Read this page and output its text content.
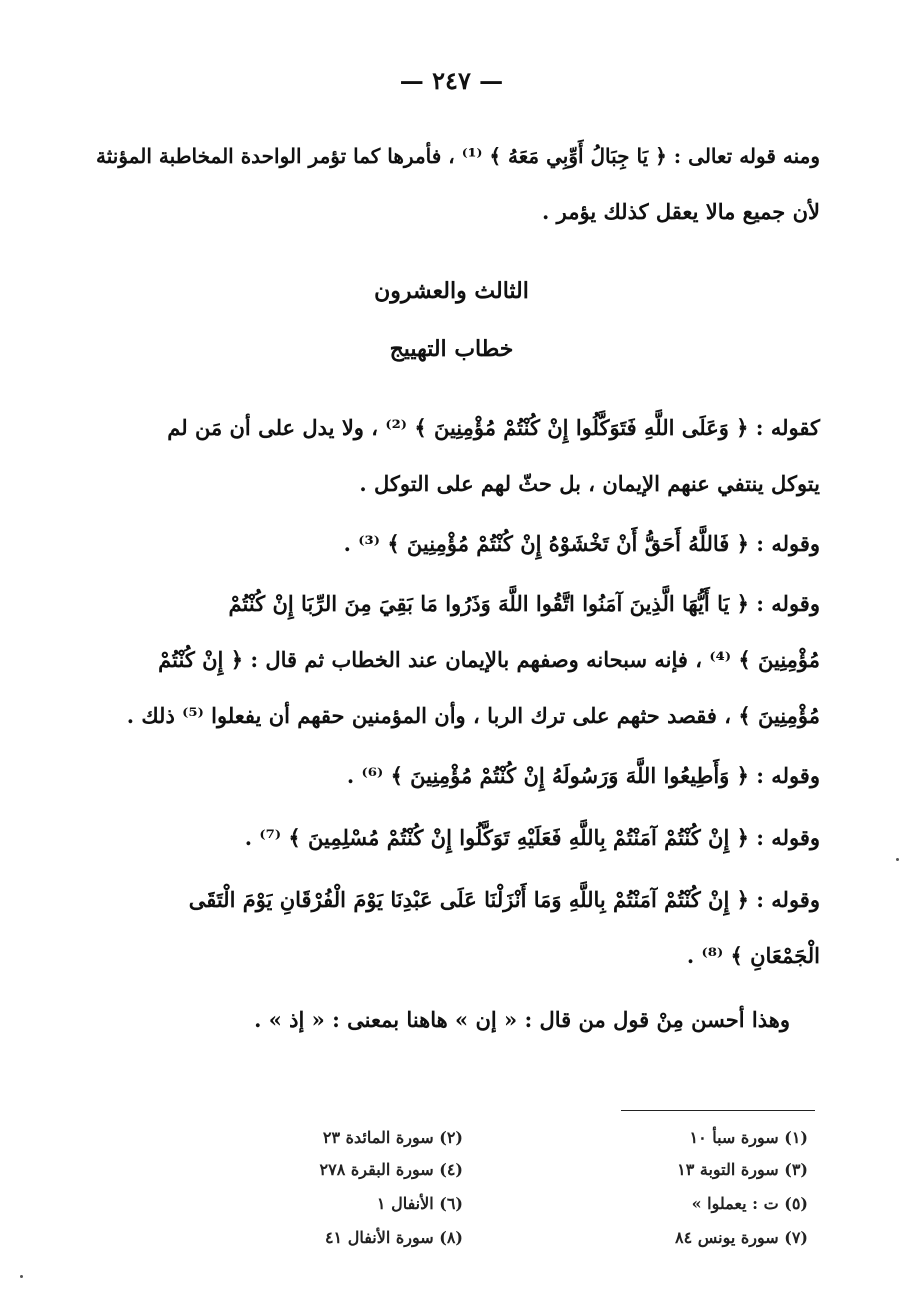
— ٢٤٧ —
ومنه قوله تعالى : ﴿ يَا جِبَالُ أَوِّبِي مَعَهُ ﴾ ⁽¹⁾ ، فأمرها كما تؤمر الواحدة المخاطبة المؤنثة
لأن جميع مالا يعقل كذلك يؤمر .
الثالث والعشرون
خطاب التهييج
كقوله : ﴿ وَعَلَى اللَّهِ فَتَوَكَّلُوا إِنْ كُنْتُمْ مُؤْمِنِينَ ﴾ ⁽²⁾ ، ولا يدل على أن مَن لم
يتوكل ينتفي عنهم الإيمان ، بل حثّ لهم على التوكل .
وقوله : ﴿ فَاللَّهُ أَحَقُّ أَنْ تَخْشَوْهُ إِنْ كُنْتُمْ مُؤْمِنِينَ ﴾ ⁽³⁾ .
وقوله : ﴿ يَا أَيُّهَا الَّذِينَ آمَنُوا اتَّقُوا اللَّهَ وَذَرُوا مَا بَقِيَ مِنَ الرِّبَا إِنْ كُنْتُمْ
مُؤْمِنِينَ ﴾ ⁽⁴⁾ ، فإنه سبحانه وصفهم بالإيمان عند الخطاب ثم قال : ﴿ إِنْ كُنْتُمْ
مُؤْمِنِينَ ﴾ ، فقصد حثهم على ترك الربا ، وأن المؤمنين حقهم أن يفعلوا ⁽⁵⁾ ذلك .
وقوله : ﴿ وَأَطِيعُوا اللَّهَ وَرَسُولَهُ إِنْ كُنْتُمْ مُؤْمِنِينَ ﴾ ⁽⁶⁾ .
وقوله : ﴿ إِنْ كُنْتُمْ آمَنْتُمْ بِاللَّهِ فَعَلَيْهِ تَوَكَّلُوا إِنْ كُنْتُمْ مُسْلِمِينَ ﴾ ⁽⁷⁾ .
وقوله : ﴿ إِنْ كُنْتُمْ آمَنْتُمْ بِاللَّهِ وَمَا أَنْزَلْنَا عَلَى عَبْدِنَا يَوْمَ الْفُرْقَانِ يَوْمَ الْتَقَى
الْجَمْعَانِ ﴾ ⁽⁸⁾ .
وهذا أحسن مِنْ قول من قال : « إن » هاهنا بمعنى : « إذ » .
(١) سورة سبأ ١٠
(٣) سورة التوبة ١٣
(٥) ت : يعملوا »
(٧) سورة يونس ٨٤
(٢) سورة المائدة ٢٣
(٤) سورة البقرة ٢٧٨
(٦) الأنفال ١
(٨) سورة الأنفال ٤١
